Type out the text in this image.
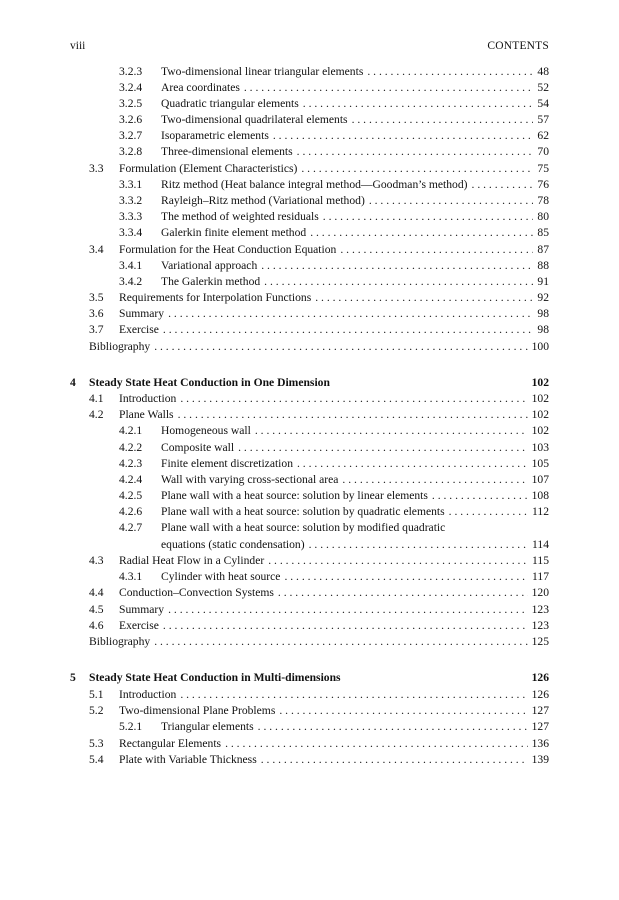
viii	CONTENTS
3.2.3	Two-dimensional linear triangular elements . . .	48
3.2.4	Area coordinates . . .	52
3.2.5	Quadratic triangular elements . . .	54
3.2.6	Two-dimensional quadrilateral elements . . .	57
3.2.7	Isoparametric elements . . .	62
3.2.8	Three-dimensional elements . . .	70
3.3	Formulation (Element Characteristics) . . .	75
3.3.1	Ritz method (Heat balance integral method—Goodman’s method) . . .	76
3.3.2	Rayleigh–Ritz method (Variational method) . . .	78
3.3.3	The method of weighted residuals . . .	80
3.3.4	Galerkin finite element method . . .	85
3.4	Formulation for the Heat Conduction Equation . . .	87
3.4.1	Variational approach . . .	88
3.4.2	The Galerkin method . . .	91
3.5	Requirements for Interpolation Functions . . .	92
3.6	Summary . . .	98
3.7	Exercise . . .	98
Bibliography . . .	100
4	Steady State Heat Conduction in One Dimension	102
4.1	Introduction . . .	102
4.2	Plane Walls . . .	102
4.2.1	Homogeneous wall . . .	102
4.2.2	Composite wall . . .	103
4.2.3	Finite element discretization . . .	105
4.2.4	Wall with varying cross-sectional area . . .	107
4.2.5	Plane wall with a heat source: solution by linear elements . . .	108
4.2.6	Plane wall with a heat source: solution by quadratic elements . . .	112
4.2.7	Plane wall with a heat source: solution by modified quadratic
equations (static condensation) . . .	114
4.3	Radial Heat Flow in a Cylinder . . .	115
4.3.1	Cylinder with heat source . . .	117
4.4	Conduction–Convection Systems . . .	120
4.5	Summary . . .	123
4.6	Exercise . . .	123
Bibliography . . .	125
5	Steady State Heat Conduction in Multi-dimensions	126
5.1	Introduction . . .	126
5.2	Two-dimensional Plane Problems . . .	127
5.2.1	Triangular elements . . .	127
5.3	Rectangular Elements . . .	136
5.4	Plate with Variable Thickness . . .	139
